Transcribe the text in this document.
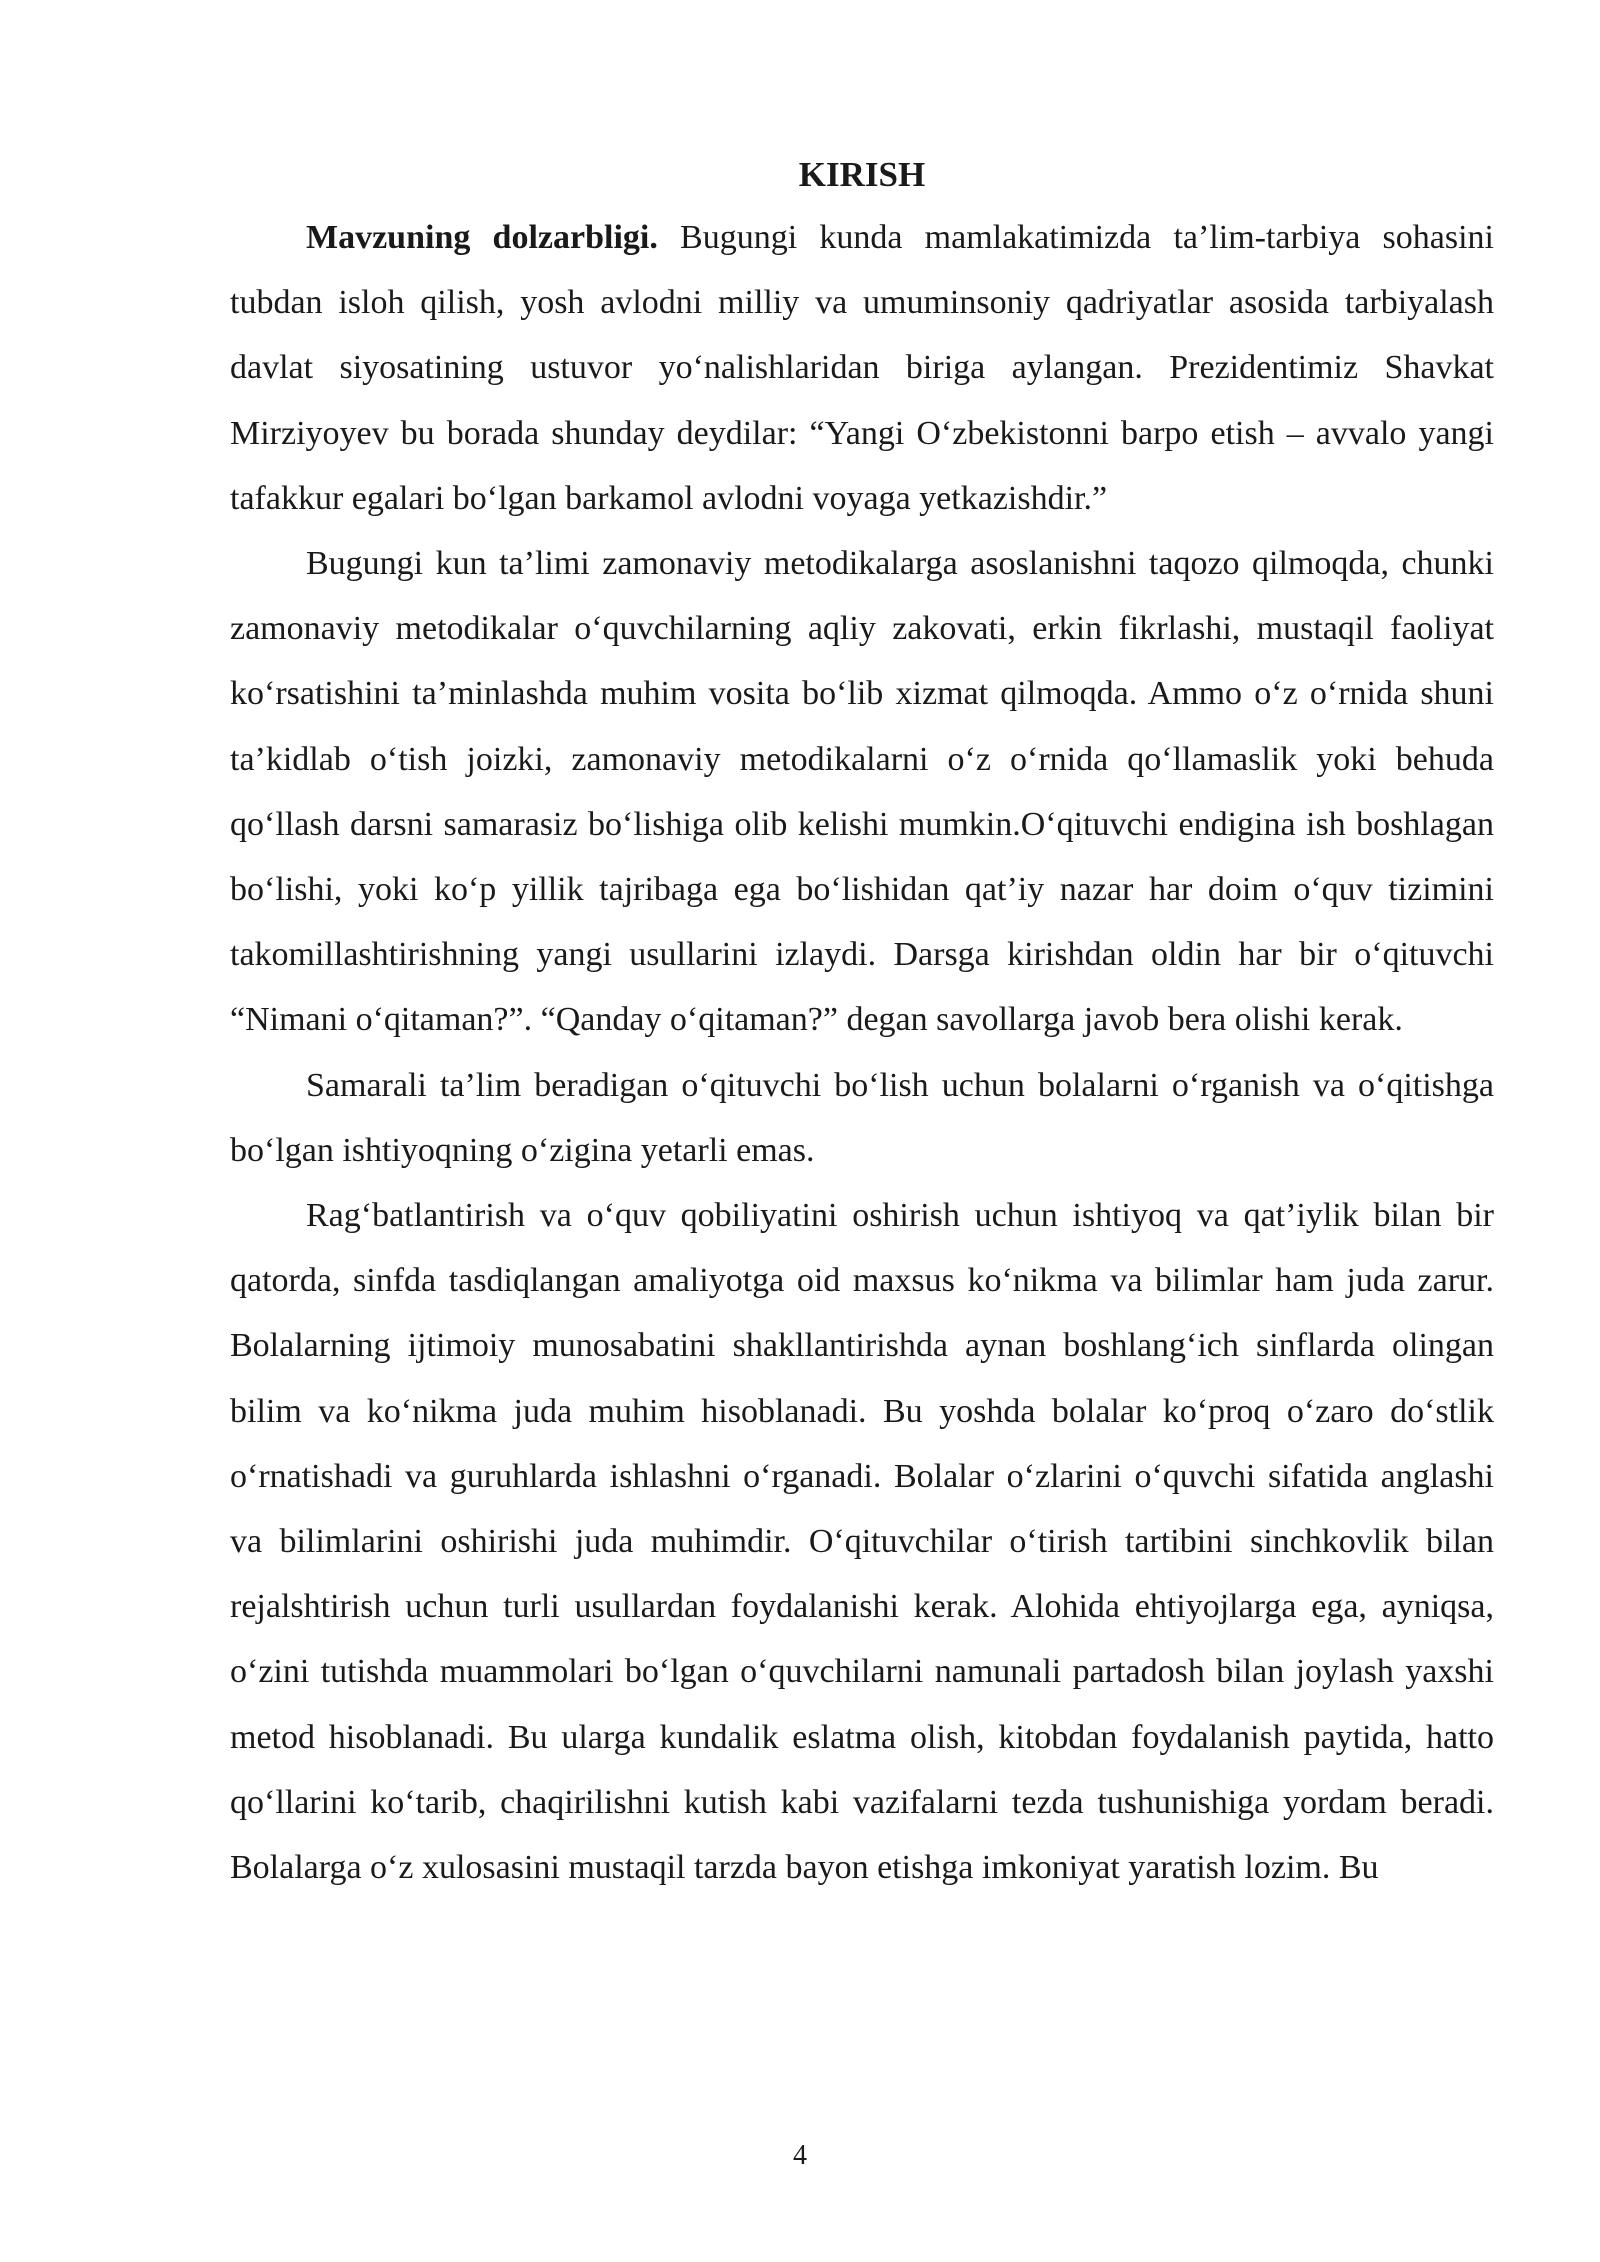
KIRISH

Mavzuning dolzarbligi. Bugungi kunda mamlakatimizda ta’lim-tarbiya sohasini tubdan isloh qilish, yosh avlodni milliy va umuminsoniy qadriyatlar asosida tarbiyalash davlat siyosatining ustuvor yo‘nalishlaridan biriga aylangan. Prezidentimiz Shavkat Mirziyoyev bu borada shunday deydilar: “Yangi O‘zbekistonni barpo etish – avvalo yangi tafakkur egalari bo‘lgan barkamol avlodni voyaga yetkazishdir.”

Bugungi kun ta’limi zamonaviy metodikalarga asoslanishni taqozo qilmoqda, chunki zamonaviy metodikalar o‘quvchilarning aqliy zakovati, erkin fikrlashi, mustaqil faoliyat ko‘rsatishini ta’minlashda muhim vosita bo‘lib xizmat qilmoqda. Ammo o‘z o‘rnida shuni ta’kidlab o‘tish joizki, zamonaviy metodikalarni o‘z o‘rnida qo‘llamaslik yoki behuda qo‘llash darsni samarasiz bo‘lishiga olib kelishi mumkin.O‘qituvchi endigina ish boshlagan bo‘lishi, yoki ko‘p yillik tajribaga ega bo‘lishidan qat’iy nazar har doim o‘quv tizimini takomillashtirishning yangi usullarini izlaydi. Darsga kirishdan oldin har bir o‘qituvchi “Nimani o‘qitaman?”. “Qanday o‘qitaman?” degan savollarga javob bera olishi kerak.

Samarali ta’lim beradigan o‘qituvchi bo‘lish uchun bolalarni o‘rganish va o‘qitishga bo‘lgan ishtiyoqning o‘zigina yetarli emas.

Rag‘batlantirish va o‘quv qobiliyatini oshirish uchun ishtiyoq va qat’iylik bilan bir qatorda, sinfda tasdiqlangan amaliyotga oid maxsus ko‘nikma va bilimlar ham juda zarur. Bolalarning ijtimoiy munosabatini shakllantirishda aynan boshlang‘ich sinflarda olingan bilim va ko‘nikma juda muhim hisoblanadi. Bu yoshda bolalar ko‘proq o‘zaro do‘stlik o‘rnatishadi va guruhlarda ishlashni o‘rganadi. Bolalar o‘zlarini o‘quvchi sifatida anglashi va bilimlarini oshirishi juda muhimdir. O‘qituvchilar o‘tirish tartibini sinchkovlik bilan rejalshtirish uchun turli usullardan foydalanishi kerak. Alohida ehtiyojlarga ega, ayniqsa, o‘zini tutishda muammolari bo‘lgan o‘quvchilarni namunali partadosh bilan joylash yaxshi metod hisoblanadi. Bu ularga kundalik eslatma olish, kitobdan foydalanish paytida, hatto qo‘llarini ko‘tarib, chaqirilishni kutish kabi vazifalarni tezda tushunishiga yordam beradi. Bolalarga o‘z xulosasini mustaqil tarzda bayon etishga imkoniyat yaratish lozim. Bu

4
